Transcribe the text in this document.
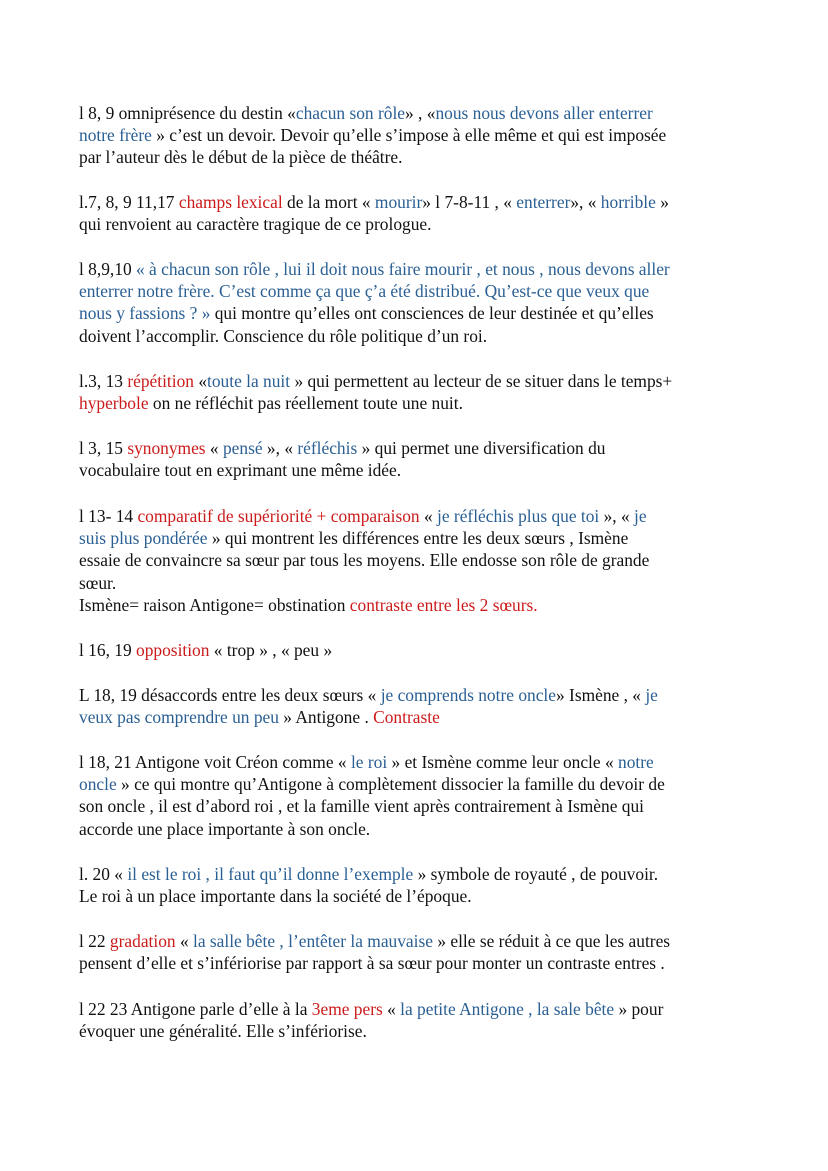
l 8, 9 omniprésence du destin «chacun son rôle» , «nous nous devons aller enterrer
notre frère » c’est un devoir. Devoir qu’elle s’impose à elle même et qui est imposée
par l’auteur dès le début de la pièce de théâtre.

l.7, 8, 9 11,17 champs lexical de la mort « mourir» l 7-8-11 , « enterrer», « horrible »
qui renvoient au caractère tragique de ce prologue.

l 8,9,10 « à chacun son rôle , lui il doit nous faire mourir , et nous , nous devons aller
enterrer notre frère. C’est comme ça que ç’a été distribué. Qu’est-ce que veux que
nous y fassions ? » qui montre qu’elles ont consciences de leur destinée et qu’elles
doivent l’accomplir. Conscience du rôle politique d’un roi.

l.3, 13 répétition «toute la nuit » qui permettent au lecteur de se situer dans le temps+
hyperbole on ne réfléchit pas réellement toute une nuit.

l 3, 15 synonymes « pensé », « réfléchis » qui permet une diversification du
vocabulaire tout en exprimant une même idée.

l 13- 14 comparatif de supériorité + comparaison « je réfléchis plus que toi », « je
suis plus pondérée » qui montrent les différences entre les deux sœurs , Ismène
essaie de convaincre sa sœur par tous les moyens. Elle endosse son rôle de grande
sœur.
Ismène= raison Antigone= obstination contraste entre les 2 sœurs.

l 16, 19 opposition « trop » , « peu »

L 18, 19 désaccords entre les deux sœurs « je comprends notre oncle» Ismène , « je
veux pas comprendre un peu » Antigone . Contraste

l 18, 21 Antigone voit Créon comme « le roi » et Ismène comme leur oncle « notre
oncle » ce qui montre qu’Antigone à complètement dissocier la famille du devoir de
son oncle , il est d’abord roi , et la famille vient après contrairement à Ismène qui
accorde une place importante à son oncle.

l. 20 « il est le roi , il faut qu’il donne l’exemple » symbole de royauté , de pouvoir.
Le roi à un place importante dans la société de l’époque.

l 22 gradation « la salle bête , l’entêter la mauvaise » elle se réduit à ce que les autres
pensent d’elle et s’infériorise par rapport à sa sœur pour monter un contraste entres .

l 22 23 Antigone parle d’elle à la 3eme pers « la petite Antigone , la sale bête » pour
évoquer une généralité. Elle s’infériorise.
